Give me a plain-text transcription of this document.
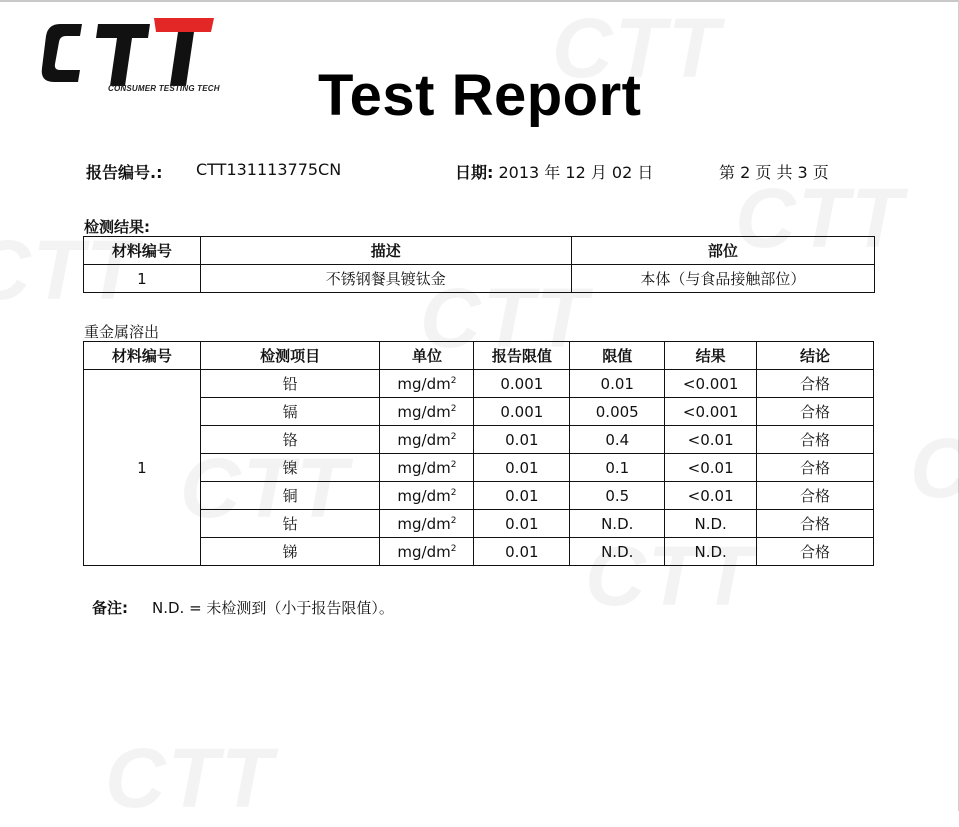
CONSUMER TESTING TECH Test Report
报告编号.: CTT131113775CN	日期: 2013 年 12 月 02 日	第 2 页 共 3 页
检测结果:
材料编号	描述	部位
1	不锈钢餐具镀钛金	本体（与食品接触部位）
重金属溶出
材料编号	检测项目	单位	报告限值	限值	结果	结论
1	铅	$mg/dm^2$	0.001	0.01	<0.001	合格
	镉	$mg/dm^2$	0.001	0.005	<0.001	合格
	铬	$mg/dm^2$	0.01	0.4	<0.01	合格
	镍	$mg/dm^2$	0.01	0.1	<0.01	合格
	铜	$mg/dm^2$	0.01	0.5	<0.01	合格
	钴	$mg/dm^2$	0.01	N.D.	N.D.	合格
	锑	$mg/dm^2$	0.01	N.D.	N.D.	合格
备注: N.D. = 未检测到（小于报告限值）。
